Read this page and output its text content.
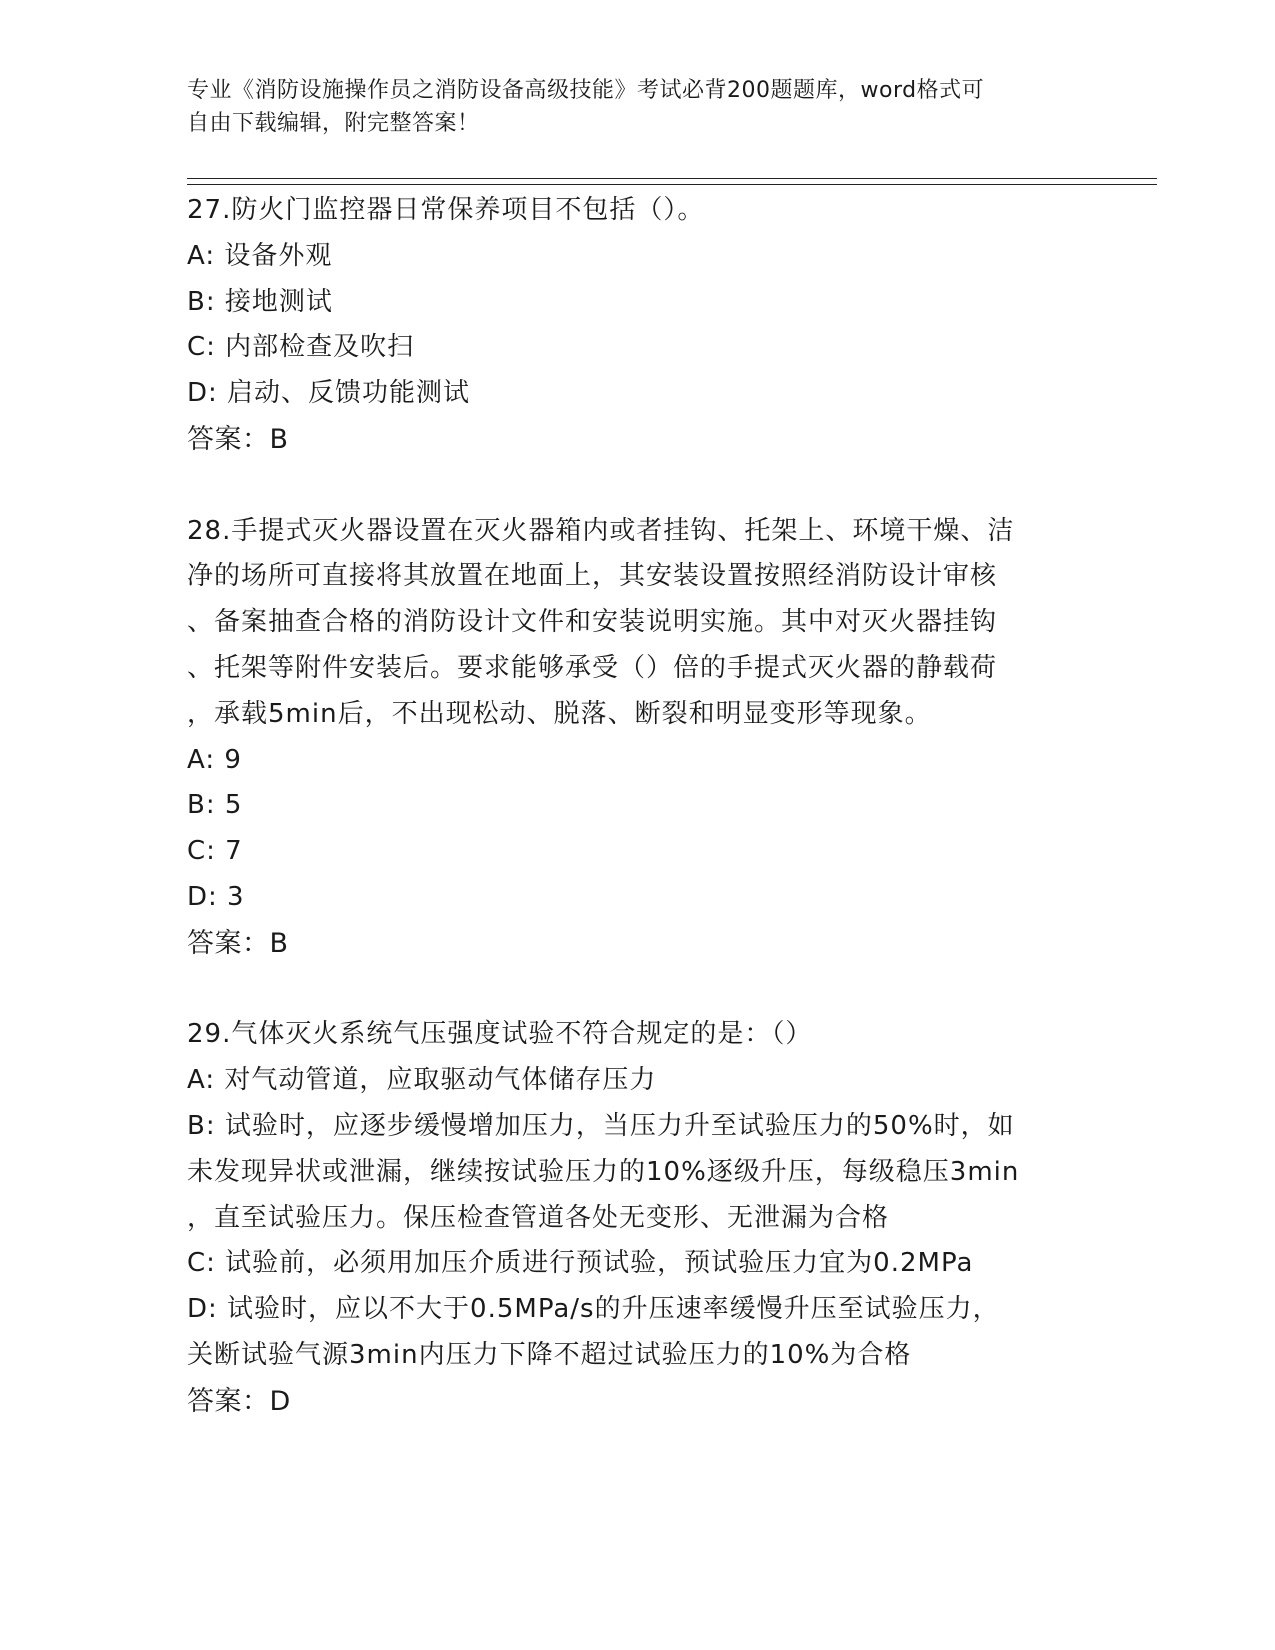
专业《消防设施操作员之消防设备高级技能》考试必背200题题库，word格式可
自由下载编辑，附完整答案！
27.防火门监控器日常保养项目不包括（）。
A: 设备外观
B: 接地测试
C: 内部检查及吹扫
D: 启动、反馈功能测试
答案：B
28.手提式灭火器设置在灭火器箱内或者挂钩、托架上、环境干燥、洁
净的场所可直接将其放置在地面上，其安装设置按照经消防设计审核
、备案抽查合格的消防设计文件和安装说明实施。其中对灭火器挂钩
、托架等附件安装后。要求能够承受（）倍的手提式灭火器的静载荷
，承载5min后，不出现松动、脱落、断裂和明显变形等现象。
A: 9
B: 5
C: 7
D: 3
答案：B
29.气体灭火系统气压强度试验不符合规定的是：（）
A: 对气动管道，应取驱动气体储存压力
B: 试验时，应逐步缓慢增加压力，当压力升至试验压力的50%时，如
未发现异状或泄漏，继续按试验压力的10%逐级升压，每级稳压3min
，直至试验压力。保压检查管道各处无变形、无泄漏为合格
C: 试验前，必须用加压介质进行预试验，预试验压力宜为0.2MPa
D: 试验时，应以不大于0.5MPa/s的升压速率缓慢升压至试验压力，
关断试验气源3min内压力下降不超过试验压力的10%为合格
答案：D
